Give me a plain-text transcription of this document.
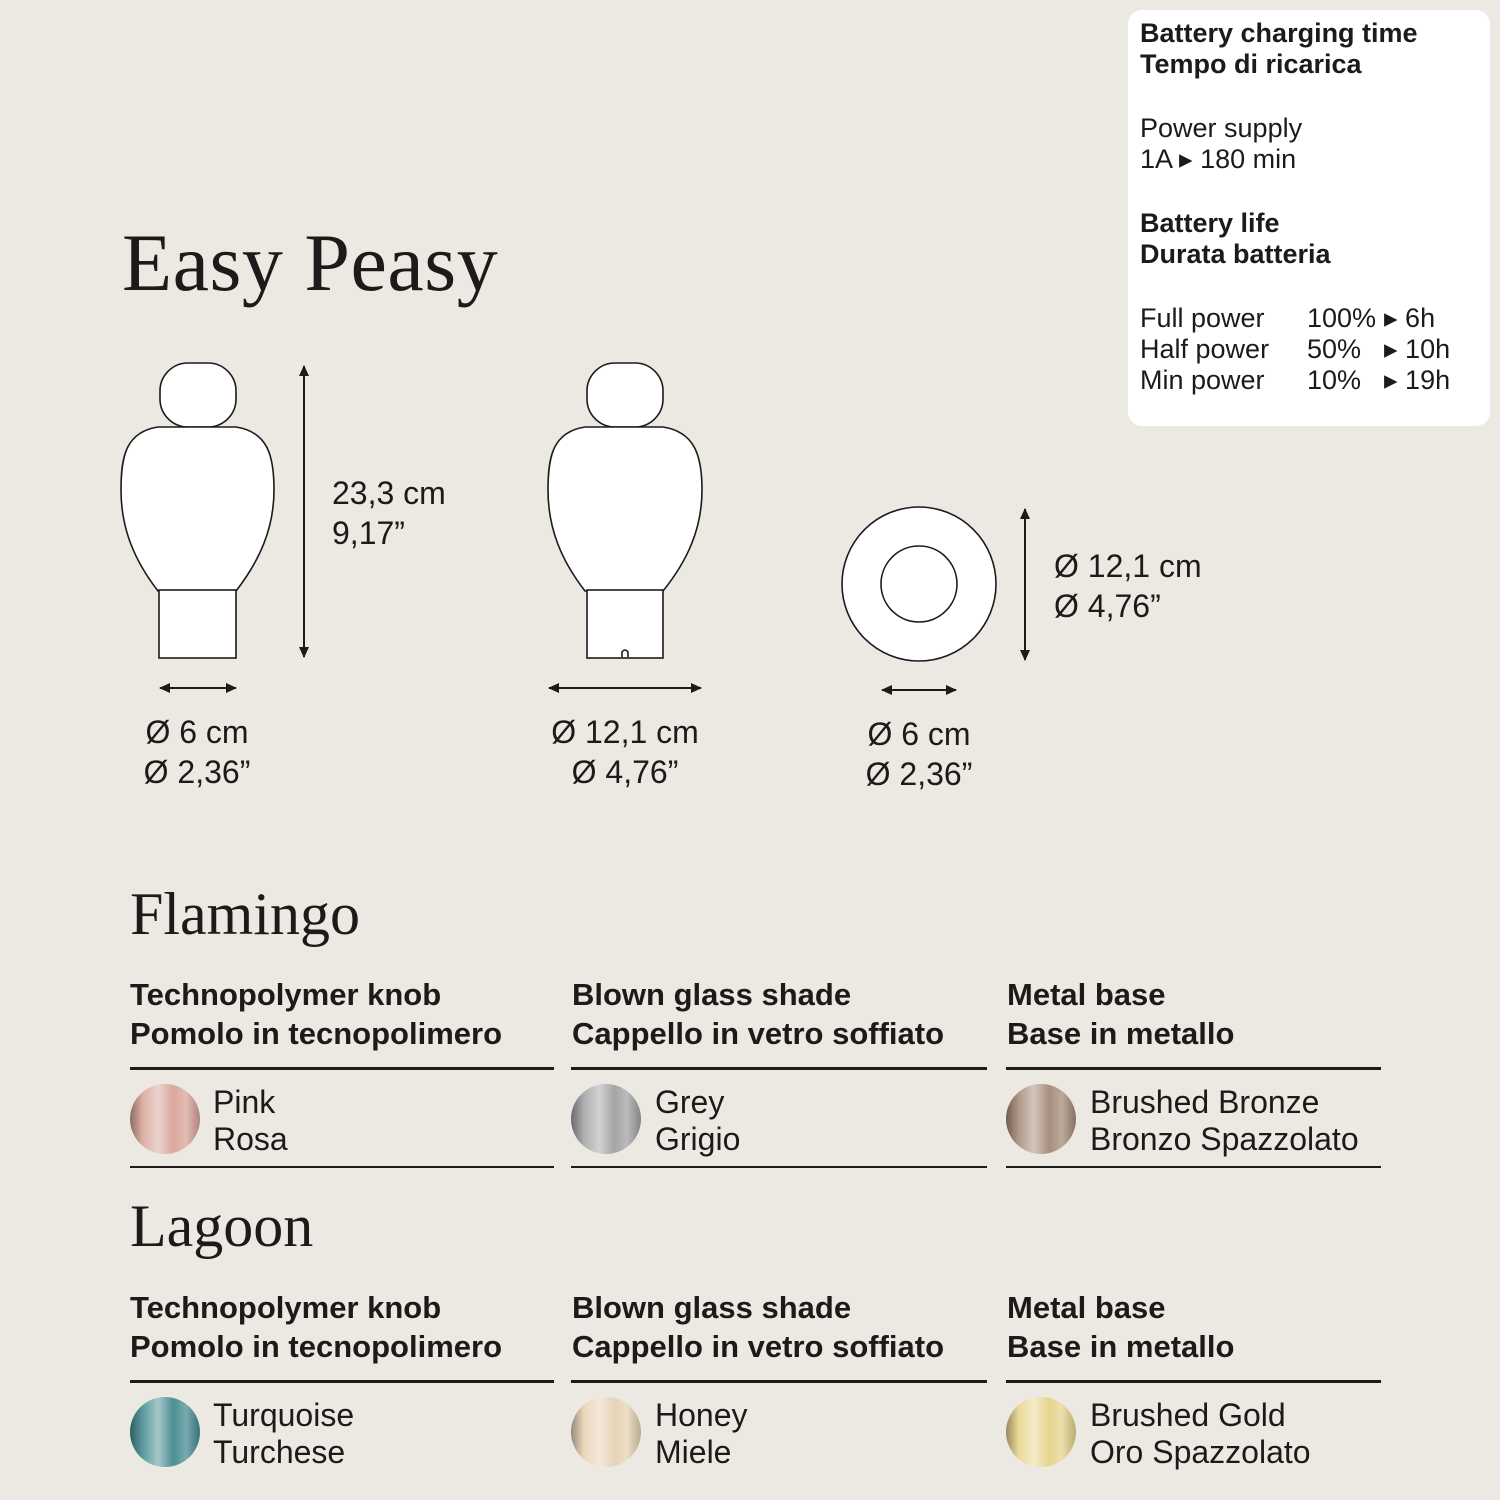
Easy Peasy
Battery charging time
Tempo di ricarica
Power supply
1A ▸ 180 min
Battery life
Durata batteria
Full power 100% ▸ 6h
Half power 50% ▸ 10h
Min power 10% ▸ 19h
23,3 cm
9,17”
Ø 6 cm
Ø 2,36”
Ø 12,1 cm
Ø 4,76”
Ø 6 cm
Ø 2,36”
Ø 12,1 cm
Ø 4,76”
Flamingo
Technopolymer knob
Pomolo in tecnopolimero
Blown glass shade
Cappello in vetro soffiato
Metal base
Base in metallo
Pink
Rosa
Grey
Grigio
Brushed Bronze
Bronzo Spazzolato
Lagoon
Technopolymer knob
Pomolo in tecnopolimero
Blown glass shade
Cappello in vetro soffiato
Metal base
Base in metallo
Turquoise
Turchese
Honey
Miele
Brushed Gold
Oro Spazzolato
